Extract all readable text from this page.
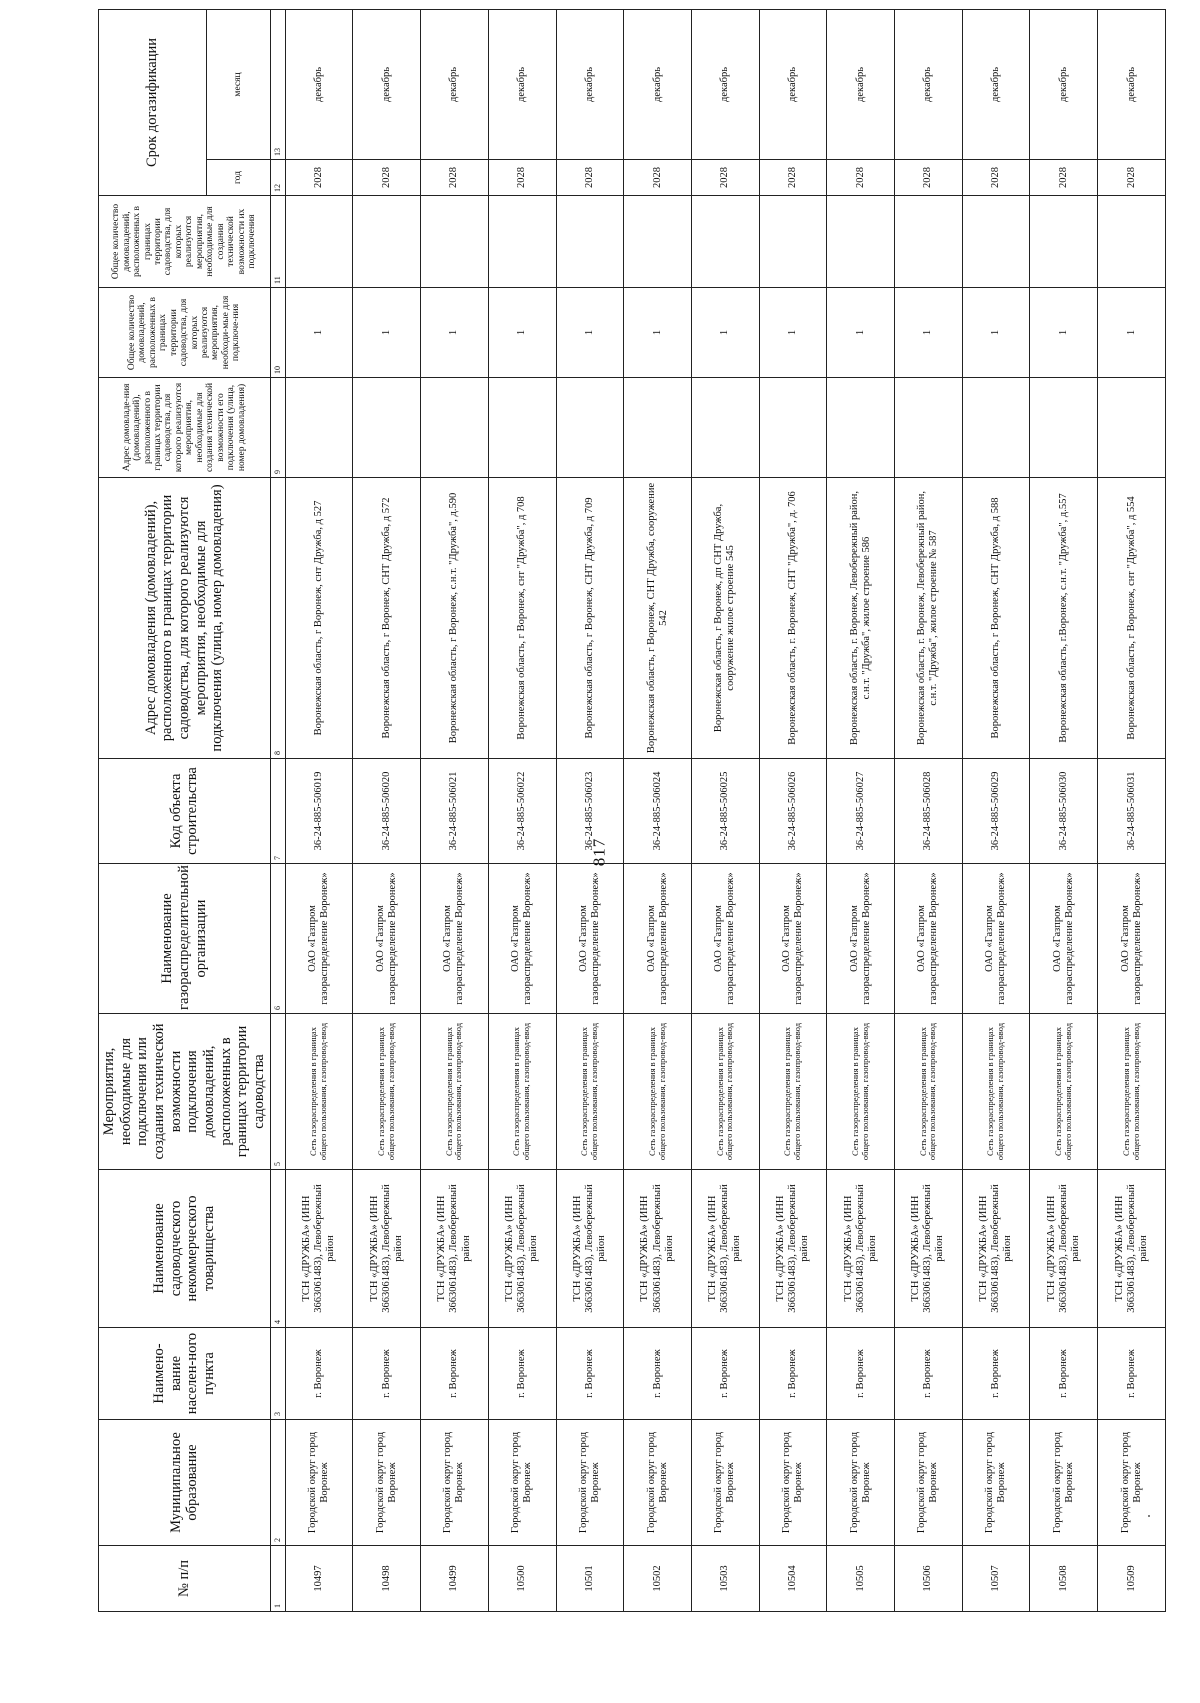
817
№ п/п	Муниципальное образование	Наимено-вание населен-ного пункта	Наименование садоводческого некоммерческого товарищества	Мероприятия, необходимые для подключения или создания технической возможности подключения домовладений, расположенных в границах территории садоводства	Наименование газораспределительной организации	Код объекта строительства	Адрес домовладения (домовладений), расположенного в границах территории садоводства, для которого реализуются мероприятия, необходимые для подключения (улица, номер домовладения)	Адрес домовладе-ния (домовладений), расположенного в границах территории садоводства, для которого реализуются мероприятия, необходимые для создания технической возможности его подключения (улица, номер домовладения)	Общее количество домовладений, расположенных в границах территории садоводства, для которых реализуются мероприятия, необходи-мые для подключе-ния	Общее количество домовладений, расположенных в границах территории садоводства, для которых реализуются мероприятия, необходимые для создания технической возможности их подключения	Срок догазификации	
											год	месяц
1	2	3	4	5	6	7	8	9	10	11	12	13
10497	Городской округ город Воронеж	г. Воронеж	ТСН «ДРУЖБА» (ИНН 3663061483), Левобережный район	Сеть газораспределения в границах общего пользования, газопровод-ввод	ОАО «Газпром газораспределение Воронеж»	36-24-885-506019	Воронежская область, г Воронеж, снт Дружба, д 527		1		2028	декабрь
10498	Городской округ город Воронеж	г. Воронеж	ТСН «ДРУЖБА» (ИНН 3663061483), Левобережный район	Сеть газораспределения в границах общего пользования, газопровод-ввод	ОАО «Газпром газораспределение Воронеж»	36-24-885-506020	Воронежская область, г Воронеж, СНТ Дружба, д 572		1		2028	декабрь
10499	Городской округ город Воронеж	г. Воронеж	ТСН «ДРУЖБА» (ИНН 3663061483), Левобережный район	Сеть газораспределения в границах общего пользования, газопровод-ввод	ОАО «Газпром газораспределение Воронеж»	36-24-885-506021	Воронежская область, г Воронеж, с.н.т. "Дружба", д.590		1		2028	декабрь
10500	Городской округ город Воронеж	г. Воронеж	ТСН «ДРУЖБА» (ИНН 3663061483), Левобережный район	Сеть газораспределения в границах общего пользования, газопровод-ввод	ОАО «Газпром газораспределение Воронеж»	36-24-885-506022	Воронежская область, г Воронеж, снт "Дружба", д 708		1		2028	декабрь
10501	Городской округ город Воронеж	г. Воронеж	ТСН «ДРУЖБА» (ИНН 3663061483), Левобережный район	Сеть газораспределения в границах общего пользования, газопровод-ввод	ОАО «Газпром газораспределение Воронеж»	36-24-885-506023	Воронежская область, г Воронеж, СНТ Дружба, д 709		1		2028	декабрь
10502	Городской округ город Воронеж	г. Воронеж	ТСН «ДРУЖБА» (ИНН 3663061483), Левобережный район	Сеть газораспределения в границах общего пользования, газопровод-ввод	ОАО «Газпром газораспределение Воронеж»	36-24-885-506024	Воронежская область, г Воронеж, СНТ Дружба, сооружение 542		1		2028	декабрь
10503	Городской округ город Воронеж	г. Воронеж	ТСН «ДРУЖБА» (ИНН 3663061483), Левобережный район	Сеть газораспределения в границах общего пользования, газопровод-ввод	ОАО «Газпром газораспределение Воронеж»	36-24-885-506025	Воронежская область, г Воронеж, дп СНТ Дружба, сооружение жилое строение 545		1		2028	декабрь
10504	Городской округ город Воронеж	г. Воронеж	ТСН «ДРУЖБА» (ИНН 3663061483), Левобережный район	Сеть газораспределения в границах общего пользования, газопровод-ввод	ОАО «Газпром газораспределение Воронеж»	36-24-885-506026	Воронежская область, г. Воронеж, СНТ "Дружба", д. 706		1		2028	декабрь
10505	Городской округ город Воронеж	г. Воронеж	ТСН «ДРУЖБА» (ИНН 3663061483), Левобережный район	Сеть газораспределения в границах общего пользования, газопровод-ввод	ОАО «Газпром газораспределение Воронеж»	36-24-885-506027	Воронежская область, г. Воронеж, Левобережный район, с.н.т. "Дружба", жилое строение 586		1		2028	декабрь
10506	Городской округ город Воронеж	г. Воронеж	ТСН «ДРУЖБА» (ИНН 3663061483), Левобережный район	Сеть газораспределения в границах общего пользования, газопровод-ввод	ОАО «Газпром газораспределение Воронеж»	36-24-885-506028	Воронежская область, г. Воронеж, Левобережный район, с.н.т. "Дружба", жилое строение № 587		1		2028	декабрь
10507	Городской округ город Воронеж	г. Воронеж	ТСН «ДРУЖБА» (ИНН 3663061483), Левобережный район	Сеть газораспределения в границах общего пользования, газопровод-ввод	ОАО «Газпром газораспределение Воронеж»	36-24-885-506029	Воронежская область, г Воронеж, СНТ Дружба, д 588		1		2028	декабрь
10508	Городской округ город Воронеж	г. Воронеж	ТСН «ДРУЖБА» (ИНН 3663061483), Левобережный район	Сеть газораспределения в границах общего пользования, газопровод-ввод	ОАО «Газпром газораспределение Воронеж»	36-24-885-506030	Воронежская область, г.Воронеж, с.н.т. "Дружба", д.557		1		2028	декабрь
10509	Городской округ город Воронеж	г. Воронеж	ТСН «ДРУЖБА» (ИНН 3663061483), Левобережный район	Сеть газораспределения в границах общего пользования, газопровод-ввод	ОАО «Газпром газораспределение Воронеж»	36-24-885-506031	Воронежская область, г Воронеж, снт "Дружба", д 554		1		2028	декабрь
